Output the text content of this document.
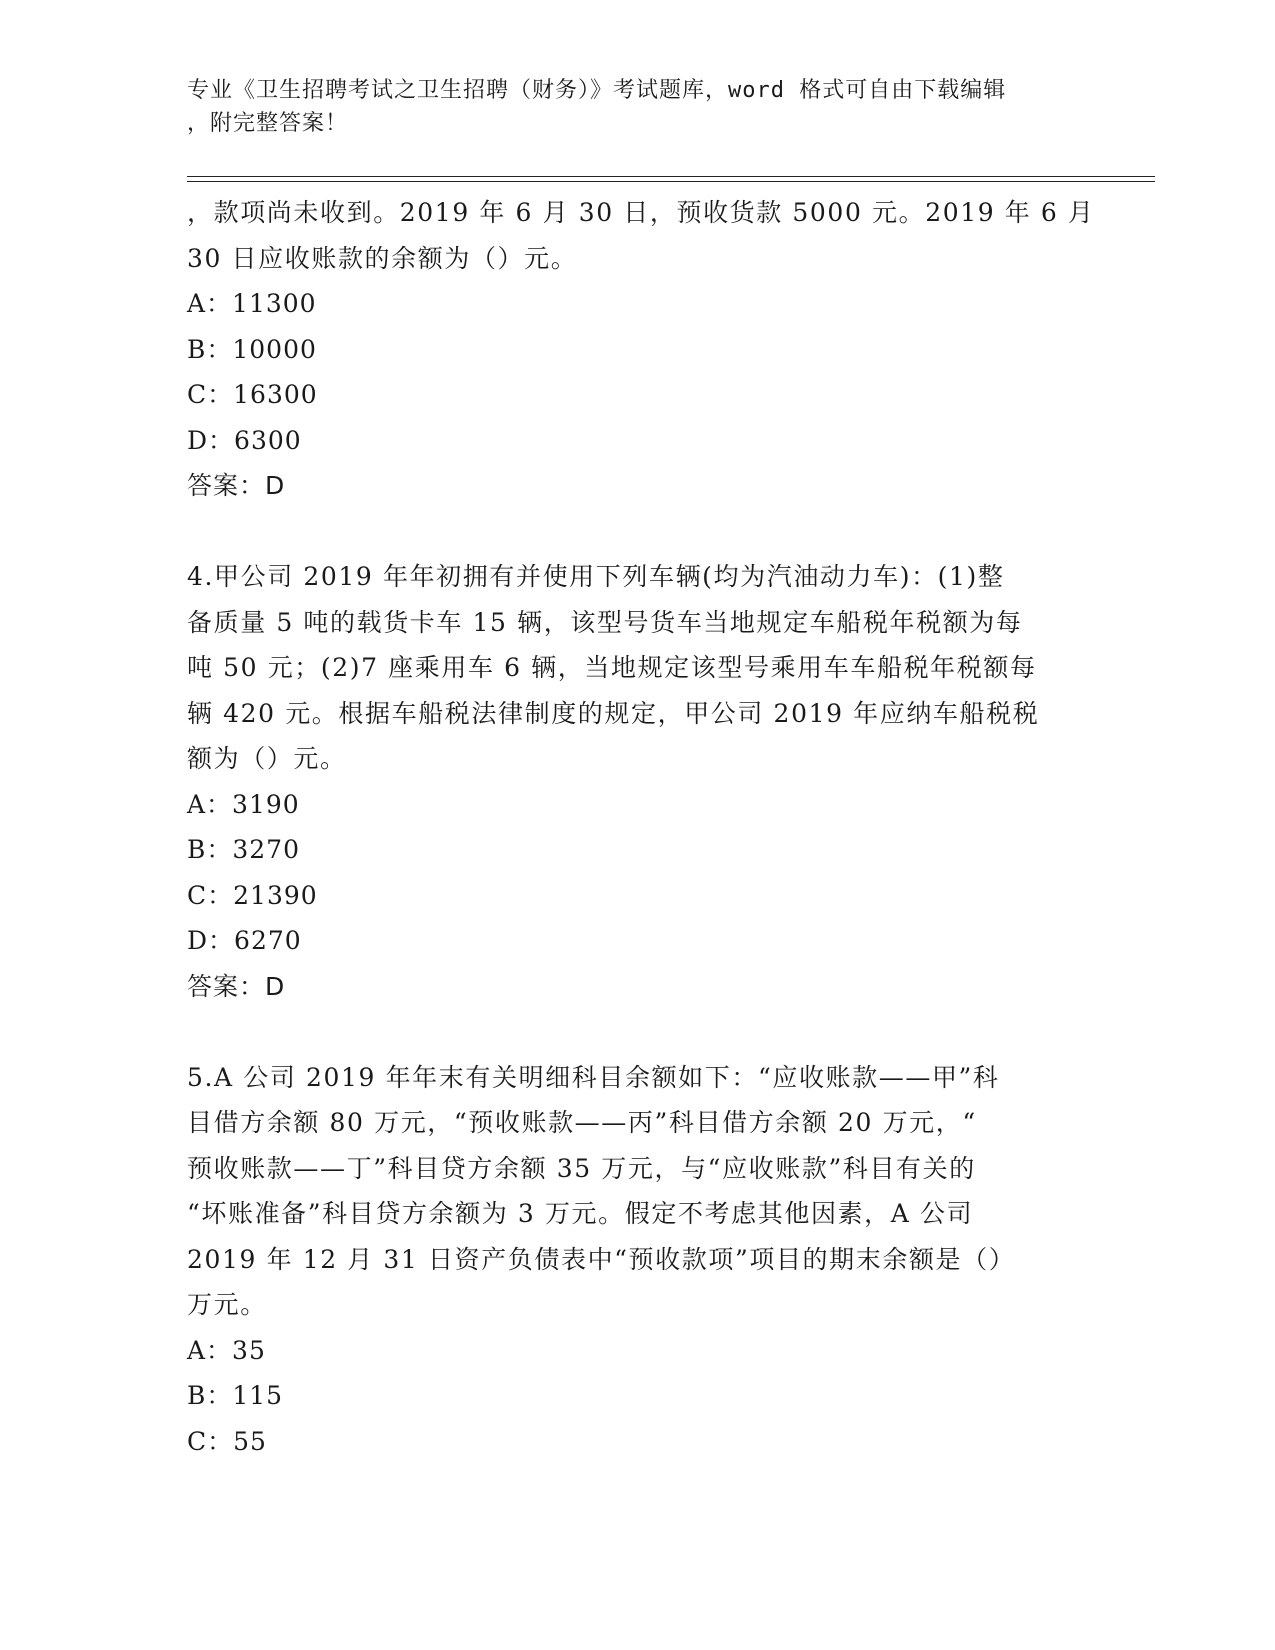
专业《卫生招聘考试之卫生招聘（财务）》考试题库，word 格式可自由下载编辑
，附完整答案！
，款项尚未收到。2019 年 6 月 30 日，预收货款 5000 元。2019 年 6 月
30 日应收账款的余额为（）元。
A：11300
B：10000
C：16300
D：6300
答案：D
4.甲公司 2019 年年初拥有并使用下列车辆(均为汽油动力车)：(1)整
备质量 5 吨的载货卡车 15 辆，该型号货车当地规定车船税年税额为每
吨 50 元；(2)7 座乘用车 6 辆，当地规定该型号乘用车车船税年税额每
辆 420 元。根据车船税法律制度的规定，甲公司 2019 年应纳车船税税
额为（）元。
A：3190
B：3270
C：21390
D：6270
答案：D
5.A 公司 2019 年年末有关明细科目余额如下：“应收账款——甲”科
目借方余额 80 万元，“预收账款——丙”科目借方余额 20 万元，“
预收账款——丁”科目贷方余额 35 万元，与“应收账款”科目有关的
“坏账准备”科目贷方余额为 3 万元。假定不考虑其他因素，A 公司
2019 年 12 月 31 日资产负债表中“预收款项”项目的期末余额是（）
万元。
A：35
B：115
C：55
